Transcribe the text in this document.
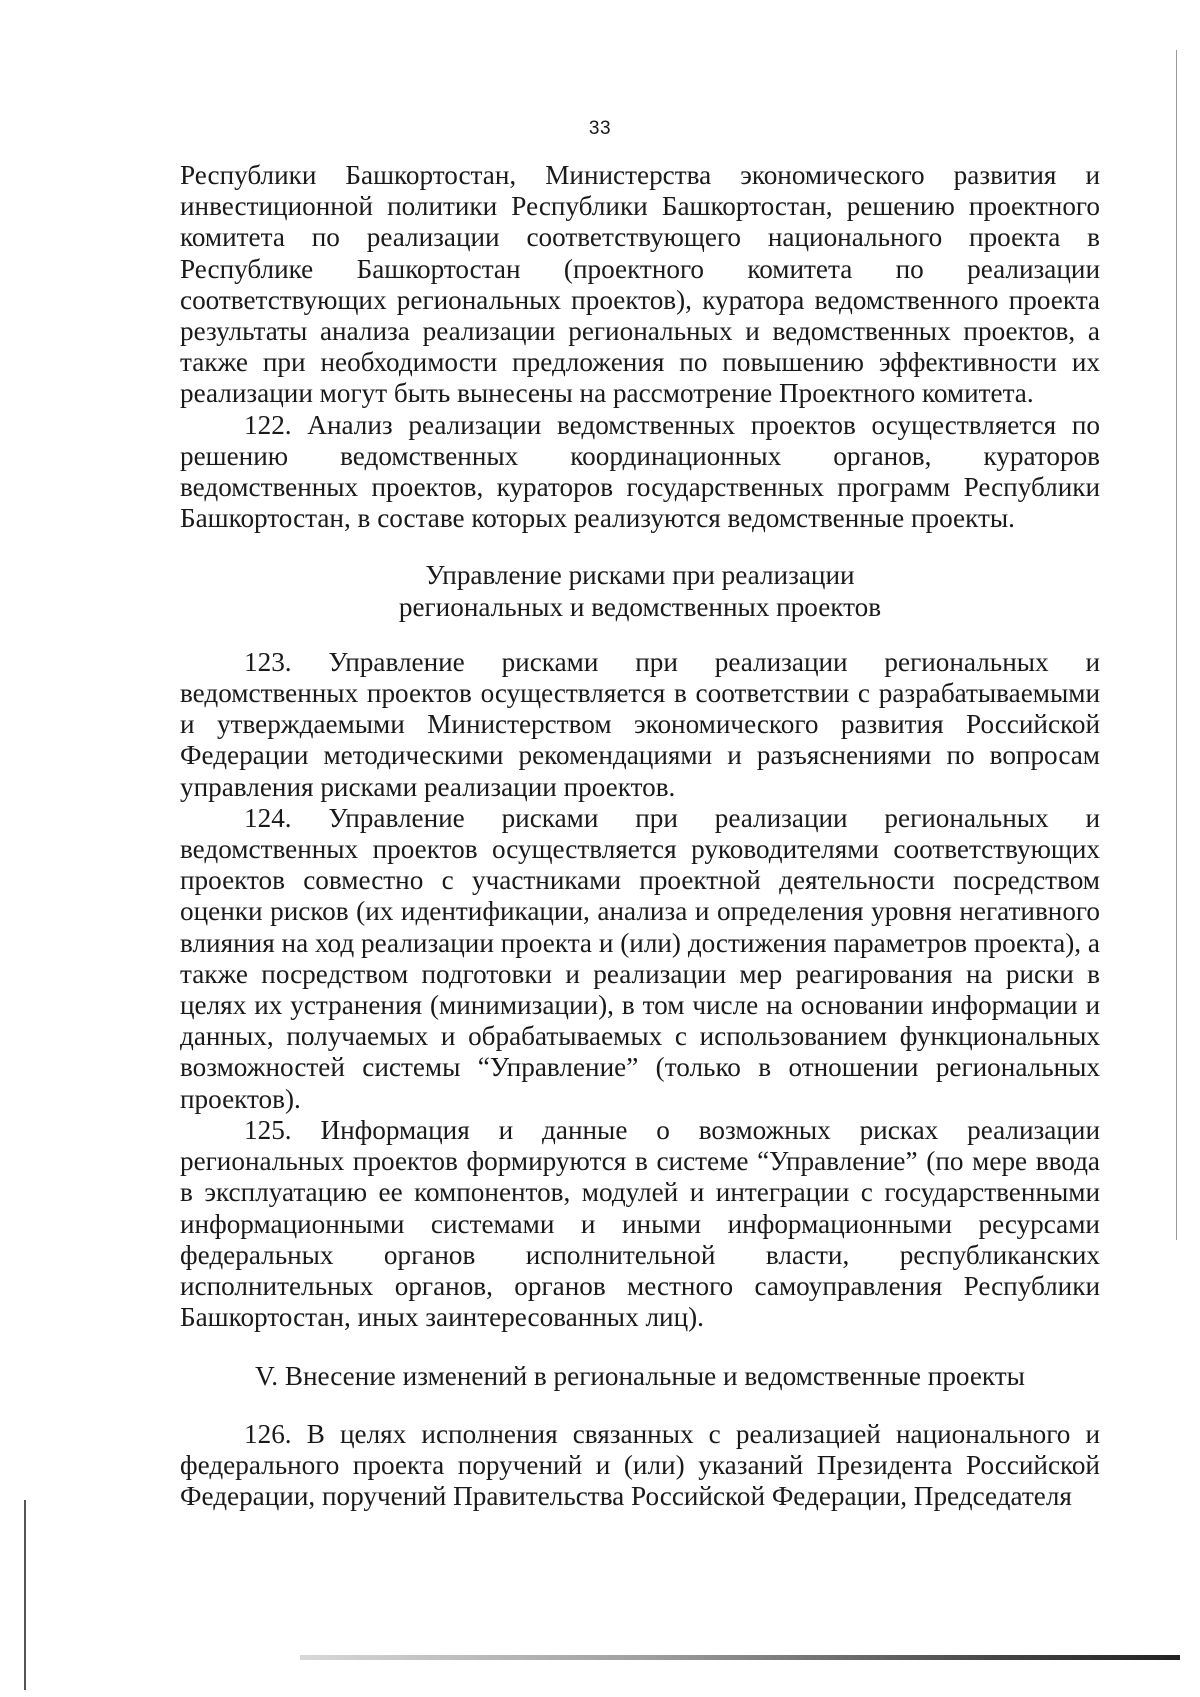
33

Республики Башкортостан, Министерства экономического развития и инвестиционной политики Республики Башкортостан, решению проектного комитета по реализации соответствующего национального проекта в Республике Башкортостан (проектного комитета по реализации соответствующих региональных проектов), куратора ведомственного проекта результаты анализа реализации региональных и ведомственных проектов, а также при необходимости предложения по повышению эффективности их реализации могут быть вынесены на рассмотрение Проектного комитета.

122. Анализ реализации ведомственных проектов осуществляется по решению ведомственных координационных органов, кураторов ведомственных проектов, кураторов государственных программ Республики Башкортостан, в составе которых реализуются ведомственные проекты.

Управление рисками при реализации

региональных и ведомственных проектов

123. Управление рисками при реализации региональных и ведомственных проектов осуществляется в соответствии с разрабатываемыми и утверждаемыми Министерством экономического развития Российской Федерации методическими рекомендациями и разъяснениями по вопросам управления рисками реализации проектов.

124. Управление рисками при реализации региональных и ведомственных проектов осуществляется руководителями соответствующих проектов совместно с участниками проектной деятельности посредством оценки рисков (их идентификации, анализа и определения уровня негативного влияния на ход реализации проекта и (или) достижения параметров проекта), а также посредством подготовки и реализации мер реагирования на риски в целях их устранения (минимизации), в том числе на основании информации и данных, получаемых и обрабатываемых с использованием функциональных возможностей системы “Управление” (только в отношении региональных проектов).

125. Информация и данные о возможных рисках реализации региональных проектов формируются в системе “Управление” (по мере ввода в эксплуатацию ее компонентов, модулей и интеграции с государственными информационными системами и иными информационными ресурсами федеральных органов исполнительной власти, республиканских исполнительных органов, органов местного самоуправления Республики Башкортостан, иных заинтересованных лиц).

V. Внесение изменений в региональные и ведомственные проекты

126. В целях исполнения связанных с реализацией национального и федерального проекта поручений и (или) указаний Президента Российской Федерации, поручений Правительства Российской Федерации, Председателя
